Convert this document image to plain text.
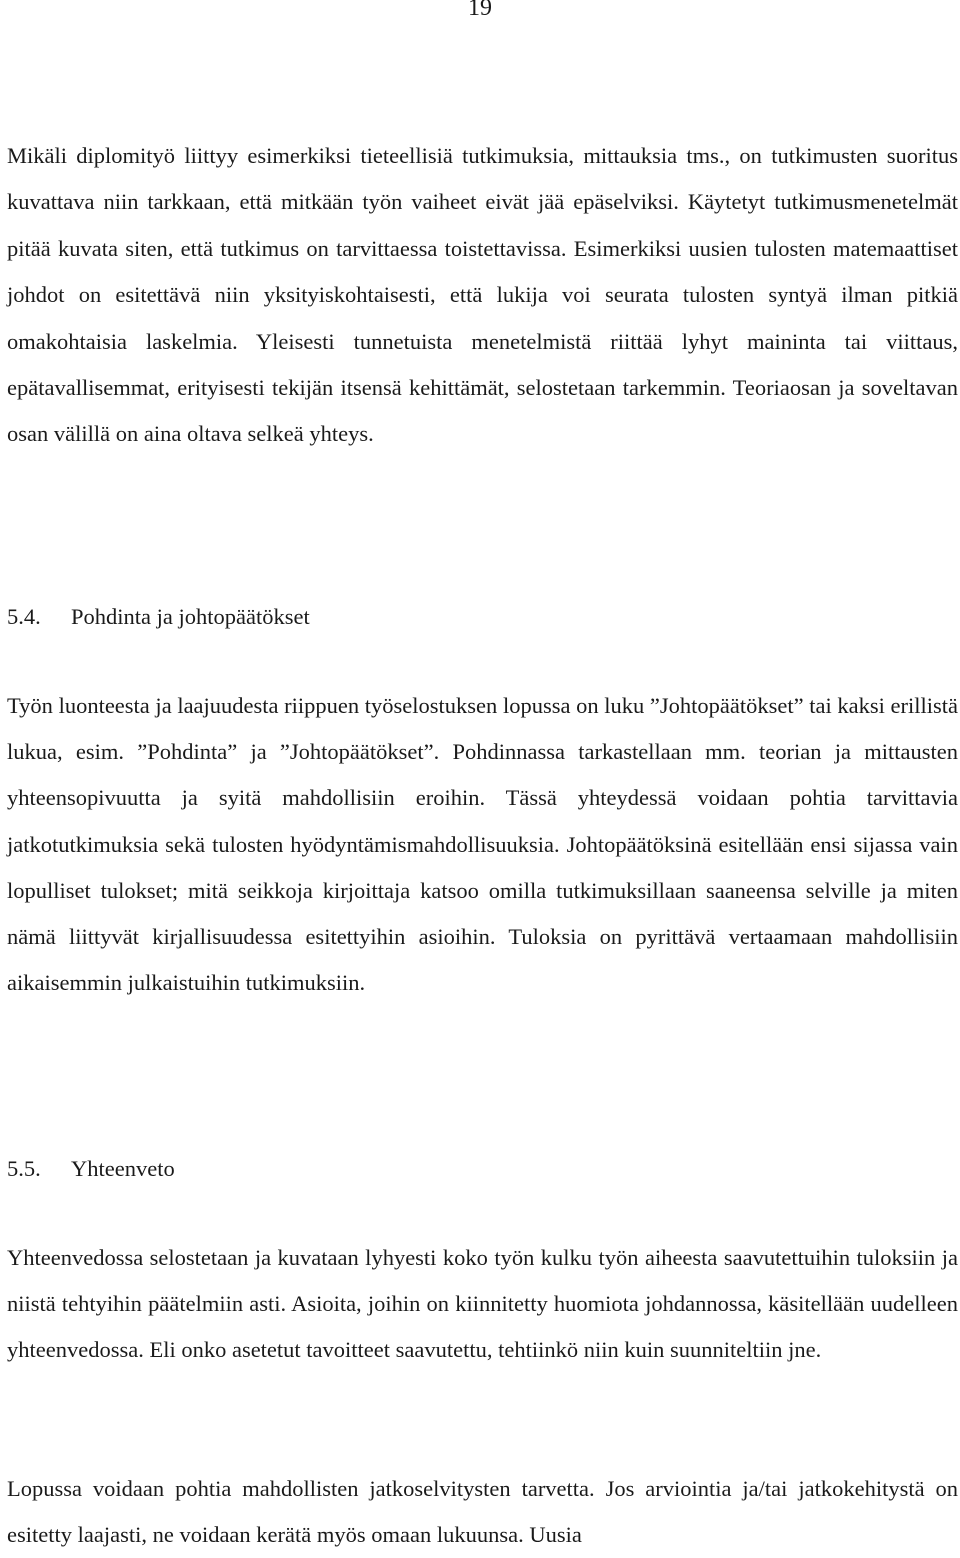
19

Mikäli diplomityö liittyy esimerkiksi tieteellisiä tutkimuksia, mittauksia tms., on tutkimusten suoritus kuvattava niin tarkkaan, että mitkään työn vaiheet eivät jää epäselviksi. Käytetyt tutkimusmenetelmät pitää kuvata siten, että tutkimus on tarvittaessa toistettavissa. Esimerkiksi uusien tulosten matemaattiset johdot on esitettävä niin yksityiskohtaisesti, että lukija voi seurata tulosten syntyä ilman pitkiä omakohtaisia laskelmia. Yleisesti tunnetuista menetelmistä riittää lyhyt maininta tai viittaus, epätavallisemmat, erityisesti tekijän itsensä kehittämät, selostetaan tarkemmin. Teoriaosan ja soveltavan osan välillä on aina oltava selkeä yhteys.

5.4. Pohdinta ja johtopäätökset

Työn luonteesta ja laajuudesta riippuen työselostuksen lopussa on luku ”Johtopäätökset” tai kaksi erillistä lukua, esim. ”Pohdinta” ja ”Johtopäätökset”. Pohdinnassa tarkastellaan mm. teorian ja mittausten yhteensopivuutta ja syitä mahdollisiin eroihin. Tässä yhteydessä voidaan pohtia tarvittavia jatkotutkimuksia sekä tulosten hyödyntämismahdollisuuksia. Johtopäätöksinä esitellään ensi sijassa vain lopulliset tulokset; mitä seikkoja kirjoittaja katsoo omilla tutkimuksillaan saaneensa selville ja miten nämä liittyvät kirjallisuudessa esitettyihin asioihin. Tuloksia on pyrittävä vertaamaan mahdollisiin aikaisemmin julkaistuihin tutkimuksiin.

5.5. Yhteenveto

Yhteenvedossa selostetaan ja kuvataan lyhyesti koko työn kulku työn aiheesta saavutettuihin tuloksiin ja niistä tehtyihin päätelmiin asti. Asioita, joihin on kiinnitetty huomiota johdannossa, käsitellään uudelleen yhteenvedossa. Eli onko asetetut tavoitteet saavutettu, tehtiinkö niin kuin suunniteltiin jne.

Lopussa voidaan pohtia mahdollisten jatkoselvitysten tarvetta. Jos arviointia ja/tai jatkokehitystä on esitetty laajasti, ne voidaan kerätä myös omaan lukuunsa. Uusia
